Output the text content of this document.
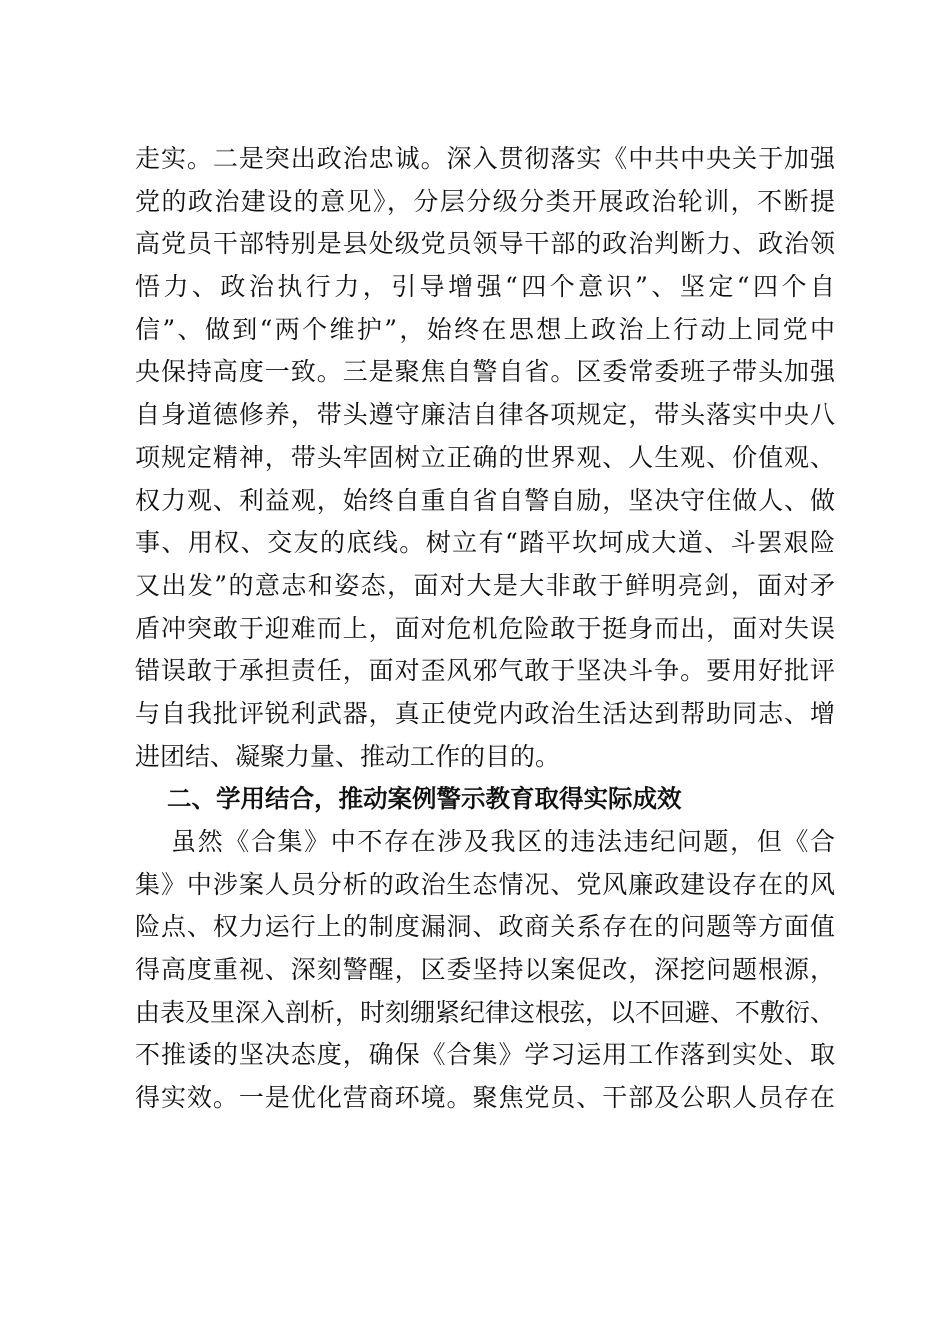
走实。二是突出政治忠诚。深入贯彻落实《中共中央关于加强
党的政治建设的意见》，分层分级分类开展政治轮训，不断提
高党员干部特别是县处级党员领导干部的政治判断力、政治领
悟力、政治执行力，引导增强“四个意识”、坚定“四个自
信”、做到“两个维护”，始终在思想上政治上行动上同党中
央保持高度一致。三是聚焦自警自省。区委常委班子带头加强
自身道德修养，带头遵守廉洁自律各项规定，带头落实中央八
项规定精神，带头牢固树立正确的世界观、人生观、价值观、
权力观、利益观，始终自重自省自警自励，坚决守住做人、做
事、用权、交友的底线。树立有“踏平坎坷成大道、斗罢艰险
又出发”的意志和姿态，面对大是大非敢于鲜明亮剑，面对矛
盾冲突敢于迎难而上，面对危机危险敢于挺身而出，面对失误
错误敢于承担责任，面对歪风邪气敢于坚决斗争。要用好批评
与自我批评锐利武器，真正使党内政治生活达到帮助同志、增
进团结、凝聚力量、推动工作的目的。
二、学用结合，推动案例警示教育取得实际成效
虽然《合集》中不存在涉及我区的违法违纪问题，但《合
集》中涉案人员分析的政治生态情况、党风廉政建设存在的风
险点、权力运行上的制度漏洞、政商关系存在的问题等方面值
得高度重视、深刻警醒，区委坚持以案促改，深挖问题根源，
由表及里深入剖析，时刻绷紧纪律这根弦，以不回避、不敷衍、
不推诿的坚决态度，确保《合集》学习运用工作落到实处、取
得实效。一是优化营商环境。聚焦党员、干部及公职人员存在
